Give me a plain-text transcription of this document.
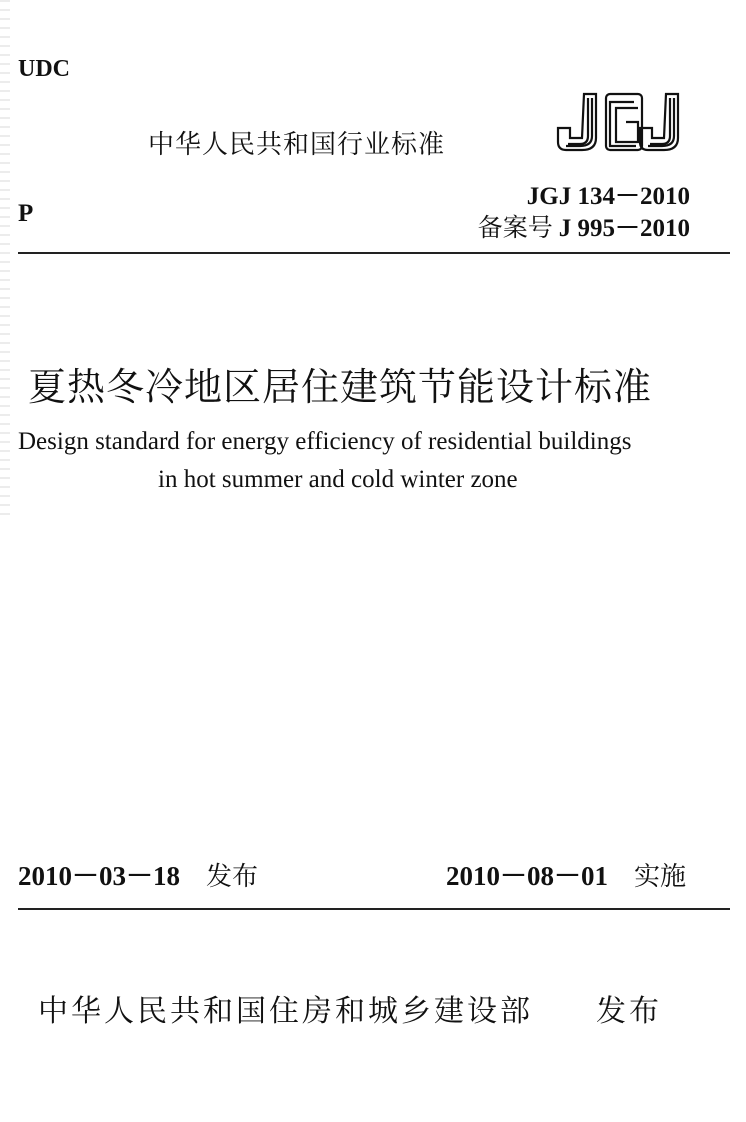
UDC
中华人民共和国行业标准
JGJ 134－2010
备案号 J 995－2010
P
夏热冬冷地区居住建筑节能设计标准
Design standard for energy efficiency of residential buildings
in hot summer and cold winter zone
2010－03－18 发布	2010－08－01 实施
中华人民共和国住房和城乡建设部 发布
